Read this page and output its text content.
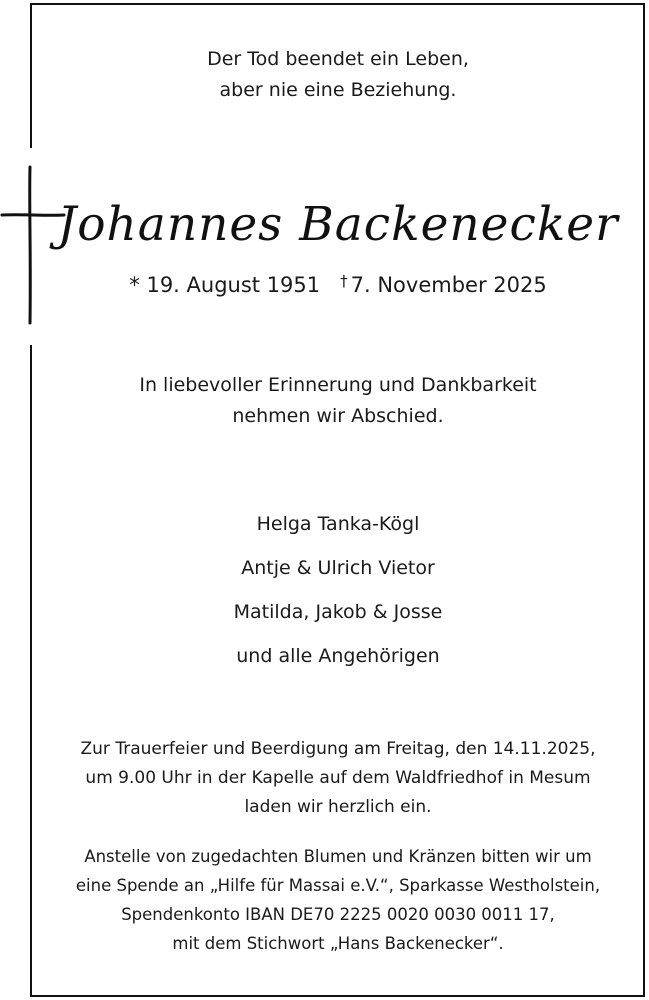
Der Tod beendet ein Leben,
aber nie eine Beziehung.

Johannes Backenecker
* 19. August 1951 † 7. November 2025

In liebevoller Erinnerung und Dankbarkeit
nehmen wir Abschied.

Helga Tanka-Kögl
Antje & Ulrich Vietor
Matilda, Jakob & Josse
und alle Angehörigen

Zur Trauerfeier und Beerdigung am Freitag, den 14.11.2025,
um 9.00 Uhr in der Kapelle auf dem Waldfriedhof in Mesum
laden wir herzlich ein.

Anstelle von zugedachten Blumen und Kränzen bitten wir um
eine Spende an „Hilfe für Massai e.V.“, Sparkasse Westholstein,
Spendenkonto IBAN DE70 2225 0020 0030 0011 17,
mit dem Stichwort „Hans Backenecker“.
